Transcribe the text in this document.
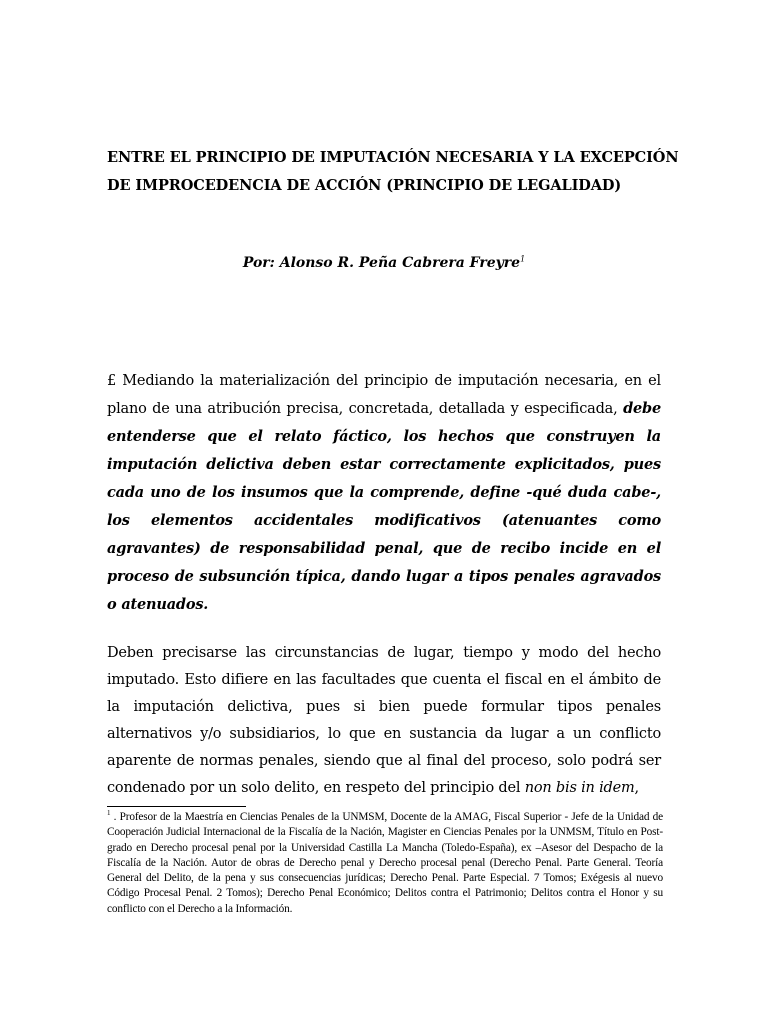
ENTRE EL PRINCIPIO DE IMPUTACIÓN NECESARIA Y LA EXCEPCIÓN
DE IMPROCEDENCIA DE ACCIÓN (PRINCIPIO DE LEGALIDAD)

Por: Alonso R. Peña Cabrera Freyre$^1$

£ Mediando la materialización del principio de imputación necesaria, en el plano de una atribución precisa, concretada, detallada y especificada, debe entenderse que el relato fáctico, los hechos que construyen la imputación delictiva deben estar correctamente explicitados, pues cada uno de los insumos que la comprende, define -qué duda cabe-, los elementos accidentales modificativos (atenuantes como agravantes) de responsabilidad penal, que de recibo incide en el proceso de subsunción típica, dando lugar a tipos penales agravados o atenuados.

Deben precisarse las circunstancias de lugar, tiempo y modo del hecho imputado. Esto difiere en las facultades que cuenta el fiscal en el ámbito de la imputación delictiva, pues si bien puede formular tipos penales alternativos y/o subsidiarios, lo que en sustancia da lugar a un conflicto aparente de normas penales, siendo que al final del proceso, solo podrá ser condenado por un solo delito, en respeto del principio del non bis in idem,

$^1$ . Profesor de la Maestría en Ciencias Penales de la UNMSM, Docente de la AMAG, Fiscal Superior - Jefe de la Unidad de Cooperación Judicial Internacional de la Fiscalía de la Nación, Magister en Ciencias Penales por la UNMSM, Título en Post-grado en Derecho procesal penal por la Universidad Castilla La Mancha (Toledo-España), ex –Asesor del Despacho de la Fiscalía de la Nación. Autor de obras de Derecho penal y Derecho procesal penal (Derecho Penal. Parte General. Teoría General del Delito, de la pena y sus consecuencias jurídicas; Derecho Penal. Parte Especial. 7 Tomos; Exégesis al nuevo Código Procesal Penal. 2 Tomos); Derecho Penal Económico; Delitos contra el Patrimonio; Delitos contra el Honor y su conflicto con el Derecho a la Información.
